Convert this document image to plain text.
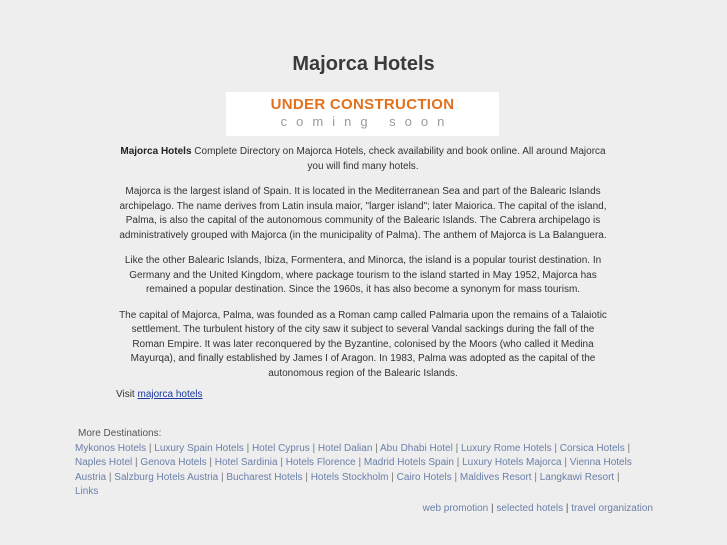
Majorca Hotels
UNDER CONSTRUCTION
coming soon

Majorca Hotels Complete Directory on Majorca Hotels, check availability and book online. All around Majorca you will find many hotels.

Majorca is the largest island of Spain. It is located in the Mediterranean Sea and part of the Balearic Islands archipelago. The name derives from Latin insula maior, "larger island"; later Maiorica. The capital of the island, Palma, is also the capital of the autonomous community of the Balearic Islands. The Cabrera archipelago is administratively grouped with Majorca (in the municipality of Palma). The anthem of Majorca is La Balanguera.

Like the other Balearic Islands, Ibiza, Formentera, and Minorca, the island is a popular tourist destination. In Germany and the United Kingdom, where package tourism to the island started in May 1952, Majorca has remained a popular destination. Since the 1960s, it has also become a synonym for mass tourism.

The capital of Majorca, Palma, was founded as a Roman camp called Palmaria upon the remains of a Talaiotic settlement. The turbulent history of the city saw it subject to several Vandal sackings during the fall of the Roman Empire. It was later reconquered by the Byzantine, colonised by the Moors (who called it Medina Mayurqa), and finally established by James I of Aragon. In 1983, Palma was adopted as the capital of the autonomous region of the Balearic Islands.

Visit majorca hotels
More Destinations:
Mykonos Hotels | Luxury Spain Hotels | Hotel Cyprus | Hotel Dalian | Abu Dhabi Hotel | Luxury Rome Hotels | Corsica Hotels | Naples Hotel | Genova Hotels | Hotel Sardinia | Hotels Florence | Madrid Hotels Spain | Luxury Hotels Majorca | Vienna Hotels Austria | Salzburg Hotels Austria | Bucharest Hotels | Hotels Stockholm | Cairo Hotels | Maldives Resort | Langkawi Resort | Links
web promotion | selected hotels | travel organization
